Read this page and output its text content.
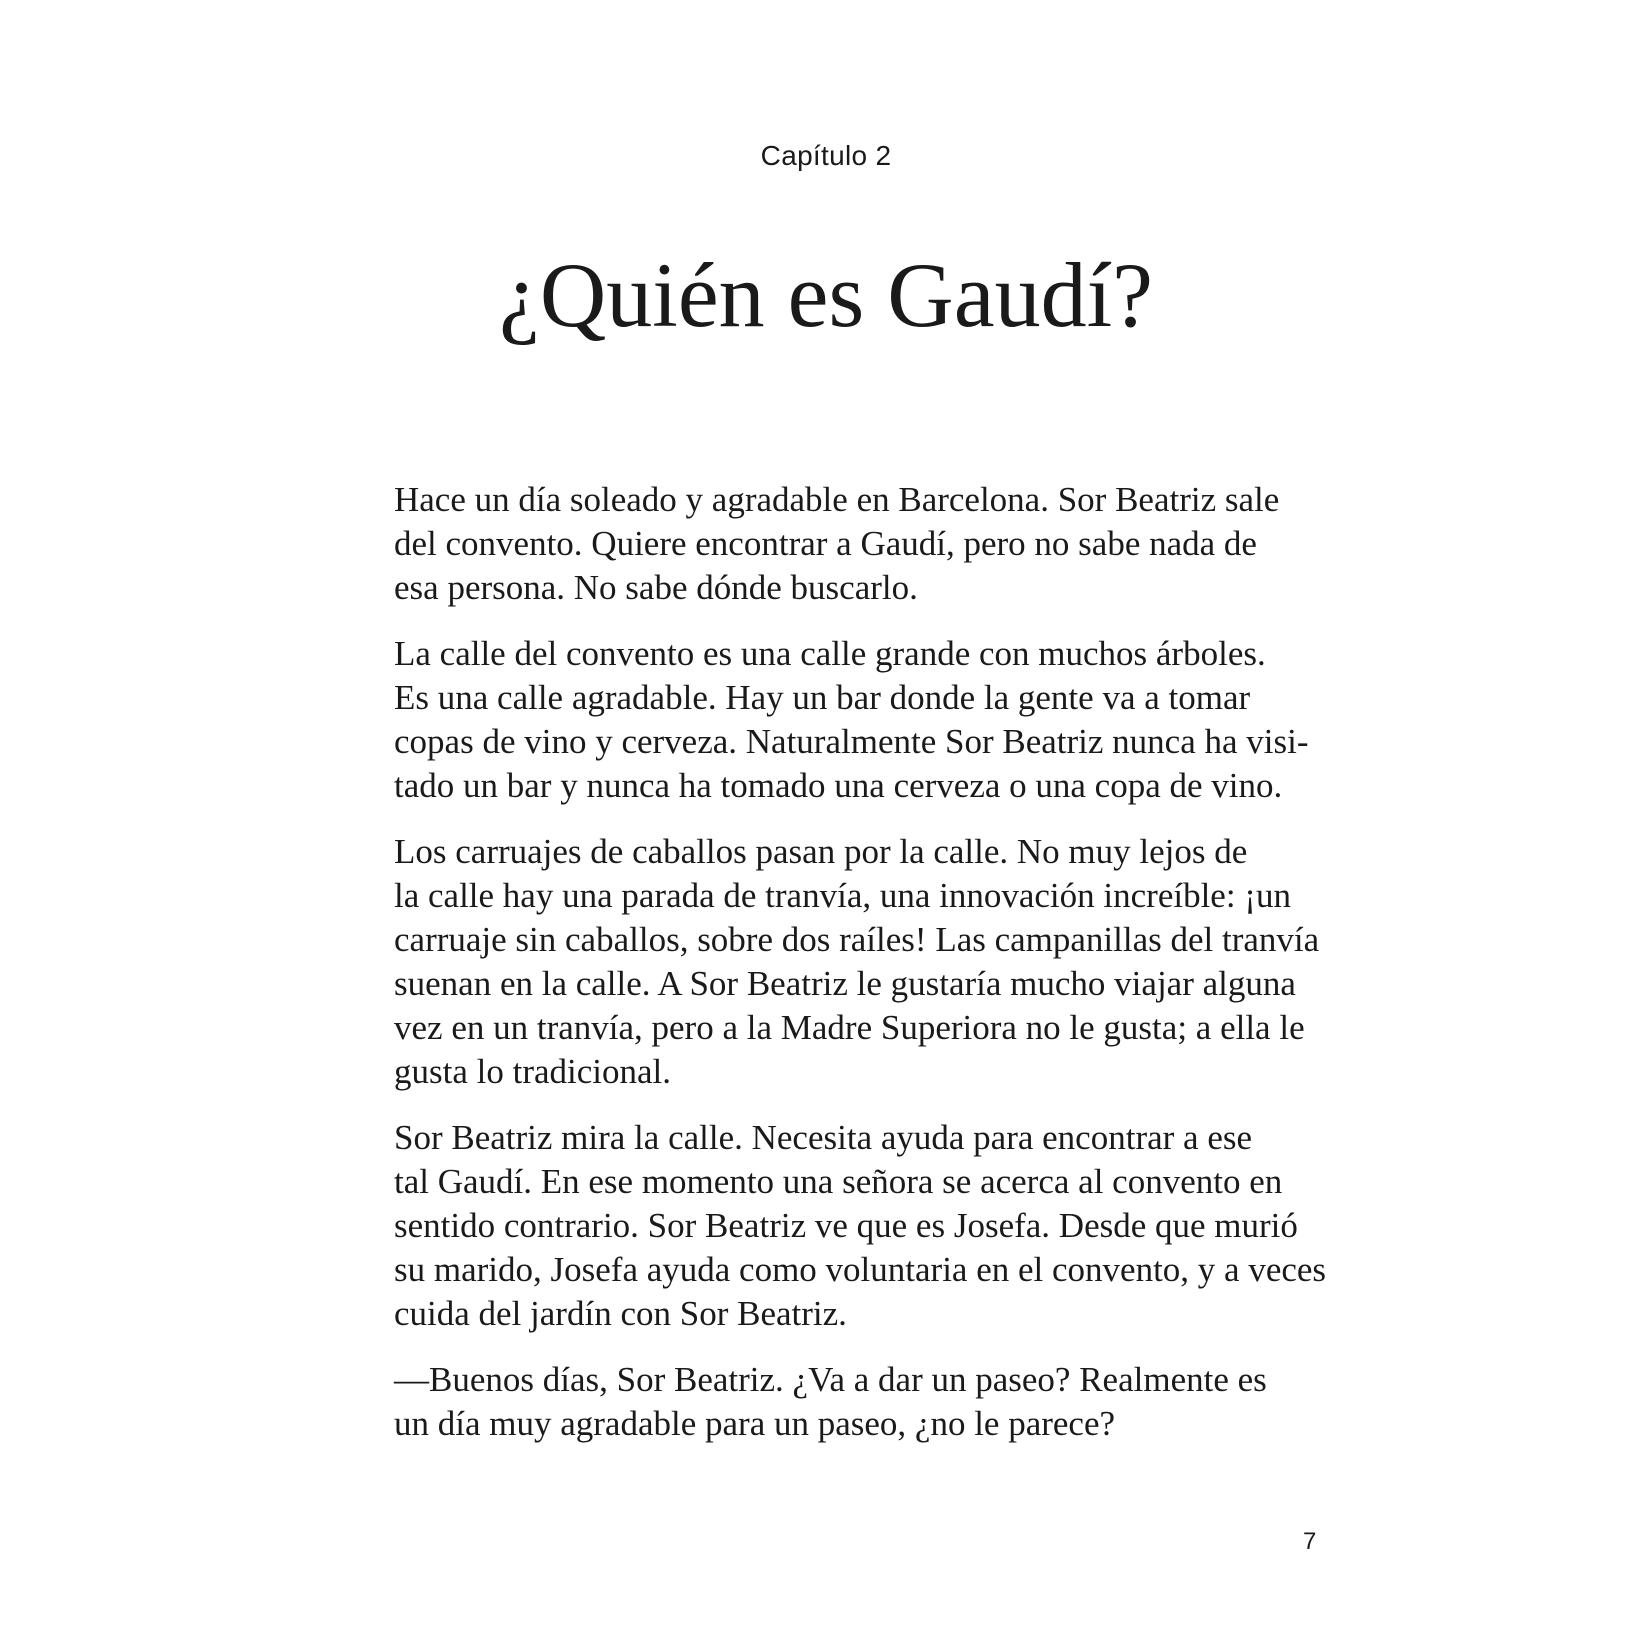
Capítulo 2
¿Quién es Gaudí?

Hace un día soleado y agradable en Barcelona. Sor Beatriz sale
del convento. Quiere encontrar a Gaudí, pero no sabe nada de
esa persona. No sabe dónde buscarlo.

La calle del convento es una calle grande con muchos árboles.
Es una calle agradable. Hay un bar donde la gente va a tomar
copas de vino y cerveza. Naturalmente Sor Beatriz nunca ha visi-
tado un bar y nunca ha tomado una cerveza o una copa de vino.

Los carruajes de caballos pasan por la calle. No muy lejos de
la calle hay una parada de tranvía, una innovación increíble: ¡un
carruaje sin caballos, sobre dos raíles! Las campanillas del tranvía
suenan en la calle. A Sor Beatriz le gustaría mucho viajar alguna
vez en un tranvía, pero a la Madre Superiora no le gusta; a ella le
gusta lo tradicional.

Sor Beatriz mira la calle. Necesita ayuda para encontrar a ese
tal Gaudí. En ese momento una señora se acerca al convento en
sentido contrario. Sor Beatriz ve que es Josefa. Desde que murió
su marido, Josefa ayuda como voluntaria en el convento, y a veces
cuida del jardín con Sor Beatriz.

—Buenos días, Sor Beatriz. ¿Va a dar un paseo? Realmente es
un día muy agradable para un paseo, ¿no le parece?

7
